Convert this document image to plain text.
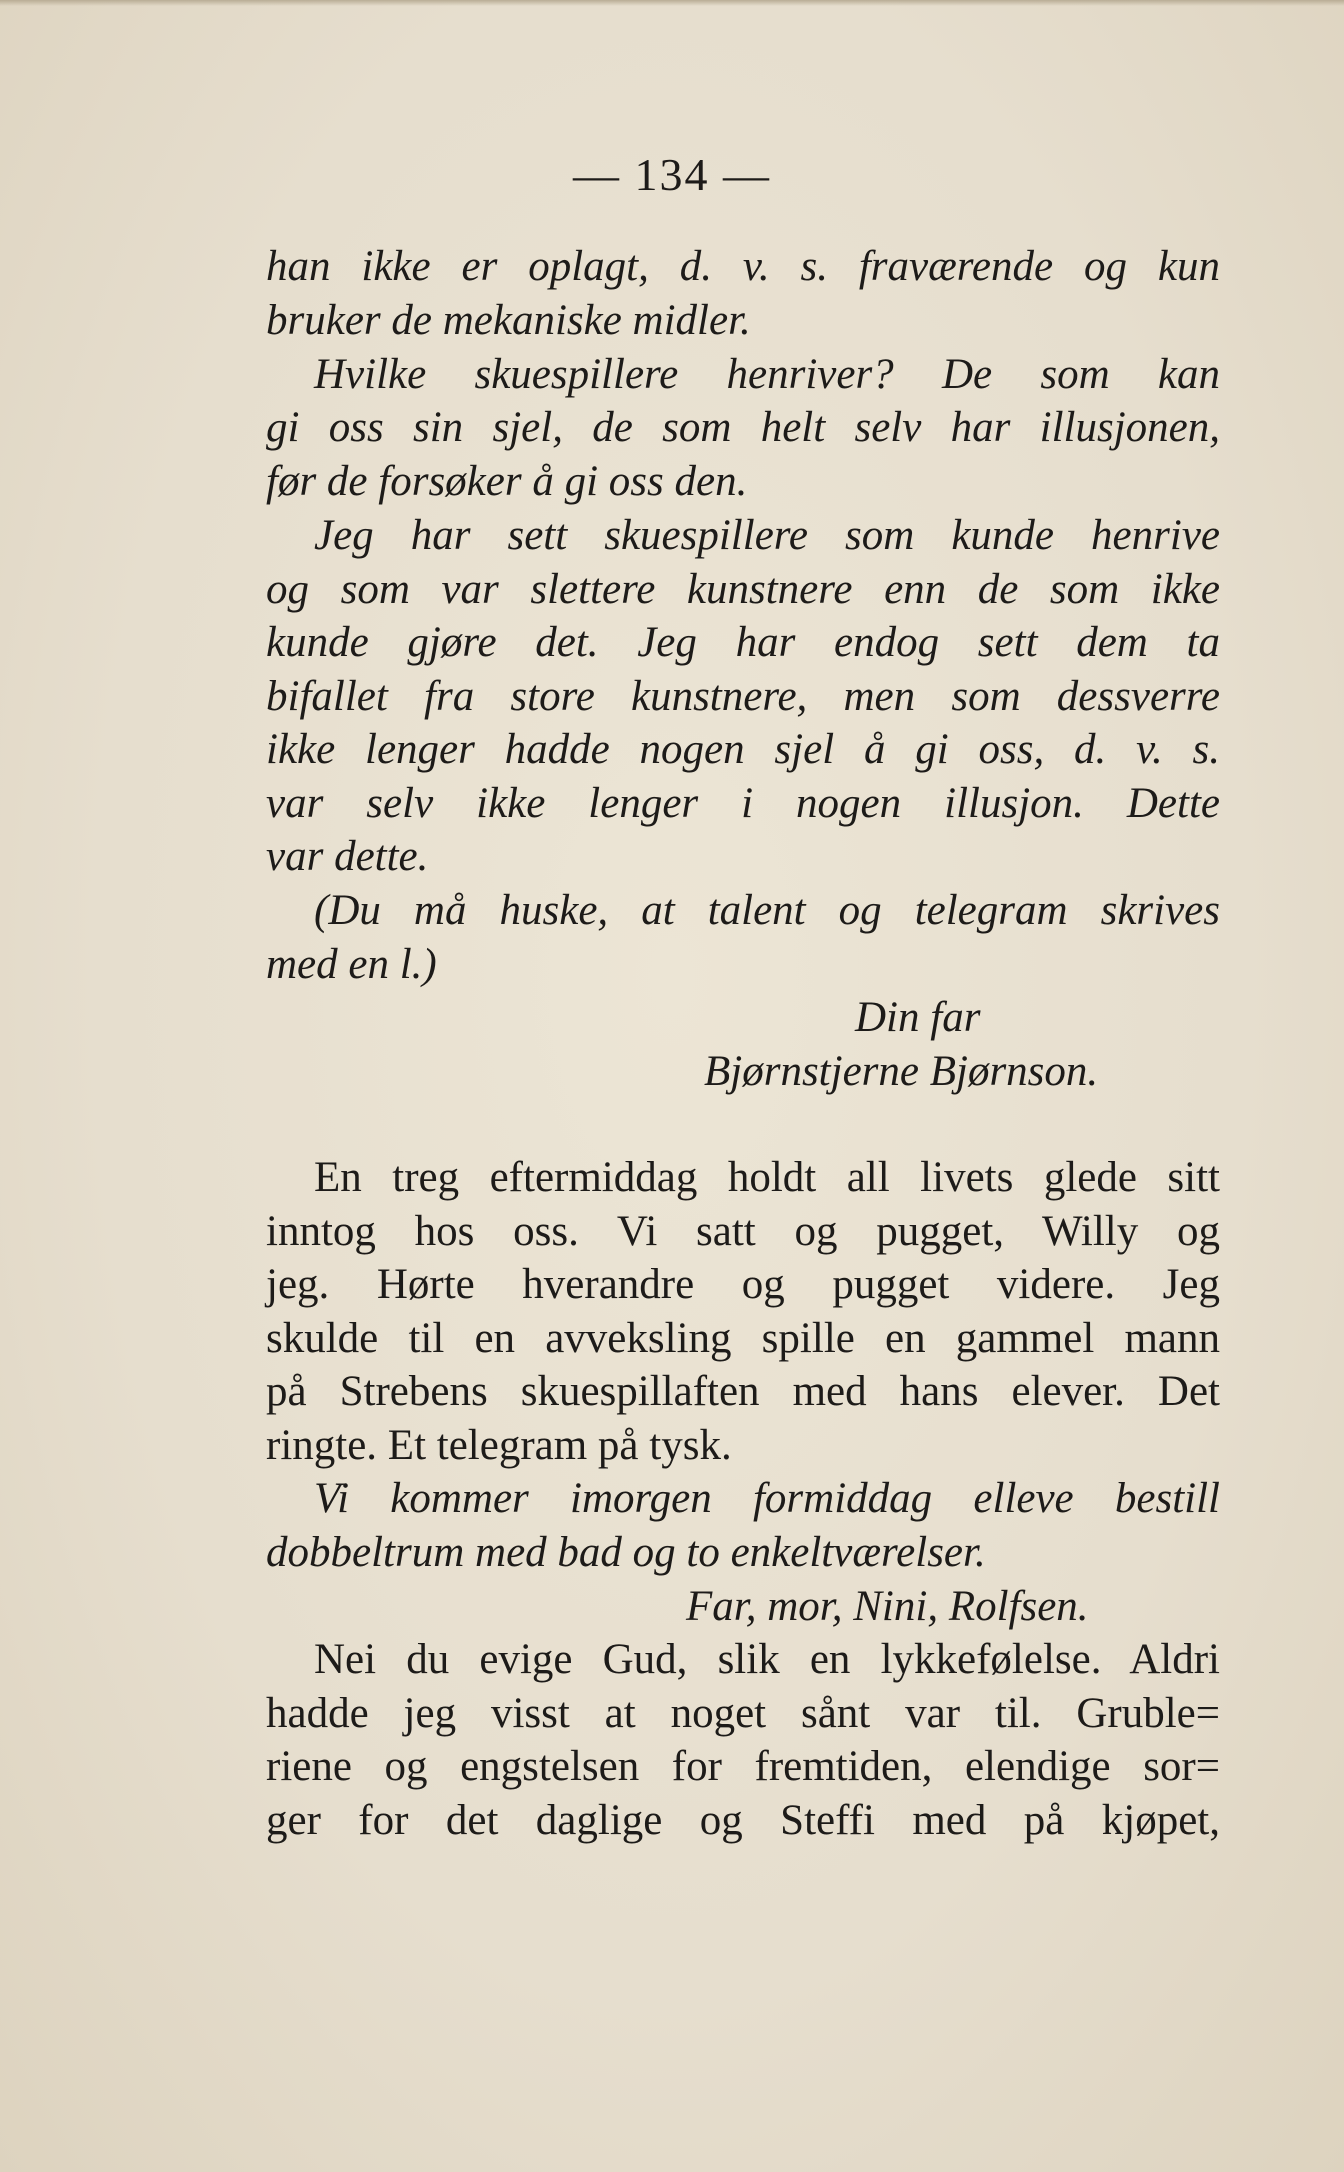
— 134 —
han ikke er oplagt, d. v. s. fraværende og kun
bruker de mekaniske midler.
Hvilke skuespillere henriver? De som kan
gi oss sin sjel, de som helt selv har illusjonen,
før de forsøker å gi oss den.
Jeg har sett skuespillere som kunde henrive
og som var slettere kunstnere enn de som ikke
kunde gjøre det. Jeg har endog sett dem ta
bifallet fra store kunstnere, men som dessverre
ikke lenger hadde nogen sjel å gi oss, d. v. s.
var selv ikke lenger i nogen illusjon. Dette
var dette.
(Du må huske, at talent og telegram skrives
med en l.)
Din far
Bjørnstjerne Bjørnson.
En treg eftermiddag holdt all livets glede sitt
inntog hos oss. Vi satt og pugget, Willy og
jeg. Hørte hverandre og pugget videre. Jeg
skulde til en avveksling spille en gammel mann
på Strebens skuespillaften med hans elever. Det
ringte. Et telegram på tysk.
Vi kommer imorgen formiddag elleve bestill
dobbeltrum med bad og to enkeltværelser.
Far, mor, Nini, Rolfsen.
Nei du evige Gud, slik en lykkefølelse. Aldri
hadde jeg visst at noget sånt var til. Gruble=
riene og engstelsen for fremtiden, elendige sor=
ger for det daglige og Steffi med på kjøpet,
